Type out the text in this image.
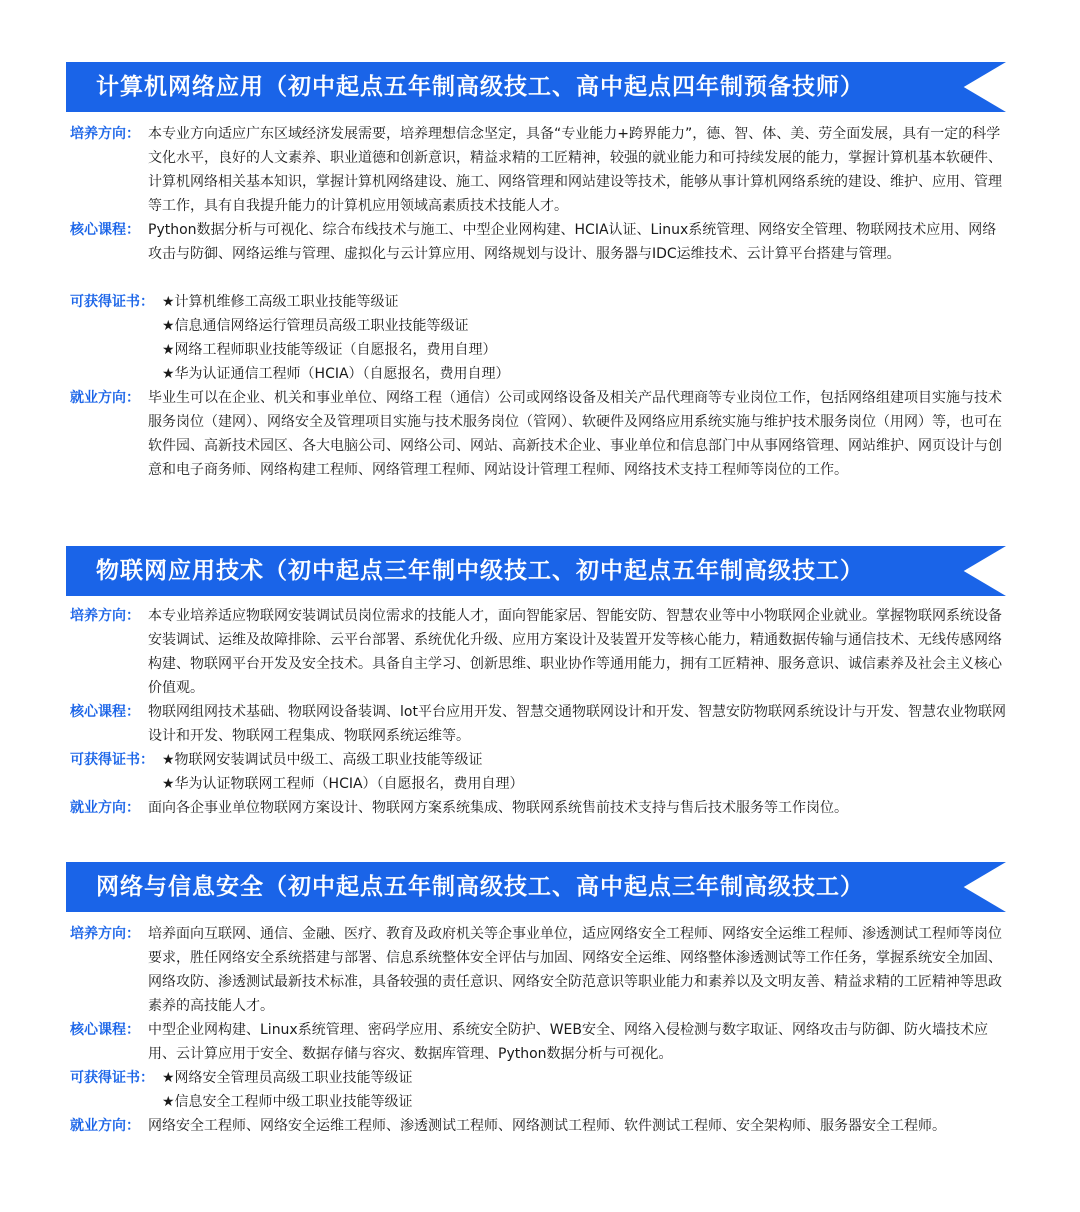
计算机网络应用（初中起点五年制高级技工、高中起点四年制预备技师）
培养方向： 本专业方向适应广东区域经济发展需要，培养理想信念坚定，具备“专业能力+跨界能力”，德、智、体、美、劳全面发展，具有一定的科学文化水平，良好的人文素养、职业道德和创新意识，精益求精的工匠精神，较强的就业能力和可持续发展的能力，掌握计算机基本软硬件、计算机网络相关基本知识，掌握计算机网络建设、施工、网络管理和网站建设等技术，能够从事计算机网络系统的建设、维护、应用、管理等工作，具有自我提升能力的计算机应用领域高素质技术技能人才。
核心课程： Python数据分析与可视化、综合布线技术与施工、中型企业网构建、HCIA认证、Linux系统管理、网络安全管理、物联网技术应用、网络攻击与防御、网络运维与管理、虚拟化与云计算应用、网络规划与设计、服务器与IDC运维技术、云计算平台搭建与管理。
可获得证书： ★计算机维修工高级工职业技能等级证
★信息通信网络运行管理员高级工职业技能等级证
★网络工程师职业技能等级证（自愿报名，费用自理）
★华为认证通信工程师（HCIA）（自愿报名，费用自理）
就业方向： 毕业生可以在企业、机关和事业单位、网络工程（通信）公司或网络设备及相关产品代理商等专业岗位工作，包括网络组建项目实施与技术服务岗位（建网）、网络安全及管理项目实施与技术服务岗位（管网）、软硬件及网络应用系统实施与维护技术服务岗位（用网）等，也可在软件园、高新技术园区、各大电脑公司、网络公司、网站、高新技术企业、事业单位和信息部门中从事网络管理、网站维护、网页设计与创意和电子商务师、网络构建工程师、网络管理工程师、网站设计管理工程师、网络技术支持工程师等岗位的工作。
物联网应用技术（初中起点三年制中级技工、初中起点五年制高级技工）
培养方向： 本专业培养适应物联网安装调试员岗位需求的技能人才，面向智能家居、智能安防、智慧农业等中小物联网企业就业。掌握物联网系统设备安装调试、运维及故障排除、云平台部署、系统优化升级、应用方案设计及装置开发等核心能力，精通数据传输与通信技术、无线传感网络构建、物联网平台开发及安全技术。具备自主学习、创新思维、职业协作等通用能力，拥有工匠精神、服务意识、诚信素养及社会主义核心价值观。
核心课程： 物联网组网技术基础、物联网设备装调、lot平台应用开发、智慧交通物联网设计和开发、智慧安防物联网系统设计与开发、智慧农业物联网设计和开发、物联网工程集成、物联网系统运维等。
可获得证书： ★物联网安装调试员中级工、高级工职业技能等级证
★华为认证物联网工程师（HCIA）（自愿报名，费用自理）
就业方向： 面向各企事业单位物联网方案设计、物联网方案系统集成、物联网系统售前技术支持与售后技术服务等工作岗位。
网络与信息安全（初中起点五年制高级技工、高中起点三年制高级技工）
培养方向： 培养面向互联网、通信、金融、医疗、教育及政府机关等企事业单位，适应网络安全工程师、网络安全运维工程师、渗透测试工程师等岗位要求，胜任网络安全系统搭建与部署、信息系统整体安全评估与加固、网络安全运维、网络整体渗透测试等工作任务，掌握系统安全加固、网络攻防、渗透测试最新技术标准，具备较强的责任意识、网络安全防范意识等职业能力和素养以及文明友善、精益求精的工匠精神等思政素养的高技能人才。
核心课程： 中型企业网构建、Linux系统管理、密码学应用、系统安全防护、WEB安全、网络入侵检测与数字取证、网络攻击与防御、防火墙技术应用、云计算应用于安全、数据存储与容灾、数据库管理、Python数据分析与可视化。
可获得证书： ★网络安全管理员高级工职业技能等级证
★信息安全工程师中级工职业技能等级证
就业方向： 网络安全工程师、网络安全运维工程师、渗透测试工程师、网络测试工程师、软件测试工程师、安全架构师、服务器安全工程师。
